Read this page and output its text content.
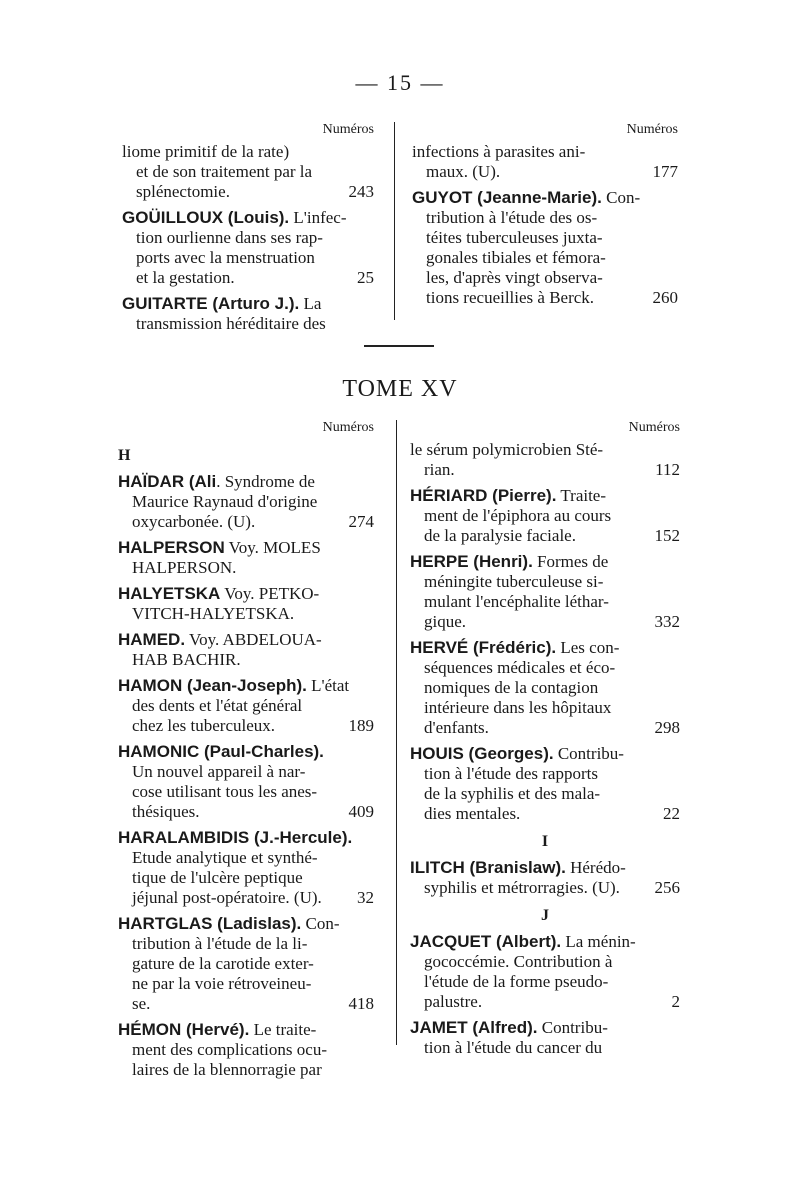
— 15 —
Numéros
liome primitif de la rate)
et de son traitement par la
splénectomie.	243
GOÜILLOUX (Louis). L'infec-
tion ourlienne dans ses rap-
ports avec la menstruation
et la gestation.	25
GUITARTE (Arturo J.). La
transmission héréditaire des
Numéros
infections à parasites ani-
maux. (U).	177
GUYOT (Jeanne-Marie). Con-
tribution à l'étude des os-
téites tuberculeuses juxta-
gonales tibiales et fémora-
les, d'après vingt observa-
tions recueillies à Berck.	260
TOME XV
Numéros
H
HAÏDAR (Ali. Syndrome de
Maurice Raynaud d'origine
oxycarbonée. (U).	274
HALPERSON Voy. MOLES
HALPERSON.
HALYETSKA Voy. PETKO-
VITCH-HALYETSKA.
HAMED. Voy. ABDELOUA-
HAB BACHIR.
HAMON (Jean-Joseph). L'état
des dents et l'état général
chez les tuberculeux.	189
HAMONIC (Paul-Charles).
Un nouvel appareil à nar-
cose utilisant tous les anes-
thésiques.	409
HARALAMBIDIS (J.-Hercule).
Etude analytique et synthé-
tique de l'ulcère peptique
jéjunal post-opératoire. (U).	32
HARTGLAS (Ladislas). Con-
tribution à l'étude de la li-
gature de la carotide exter-
ne par la voie rétroveineu-
se.	418
HÉMON (Hervé). Le traite-
ment des complications ocu-
laires de la blennorragie par
Numéros
le sérum polymicrobien Sté-
rian.	112
HÉRIARD (Pierre). Traite-
ment de l'épiphora au cours
de la paralysie faciale.	152
HERPE (Henri). Formes de
méningite tuberculeuse si-
mulant l'encéphalite léthar-
gique.	332
HERVÉ (Frédéric). Les con-
séquences médicales et éco-
nomiques de la contagion
intérieure dans les hôpitaux
d'enfants.	298
HOUIS (Georges). Contribu-
tion à l'étude des rapports
de la syphilis et des mala-
dies mentales.	22
I
ILITCH (Branislaw). Hérédo-
syphilis et métrorragies. (U).	256
J
JACQUET (Albert). La ménin-
gococcémie. Contribution à
l'étude de la forme pseudo-
palustre.	2
JAMET (Alfred). Contribu-
tion à l'étude du cancer du
